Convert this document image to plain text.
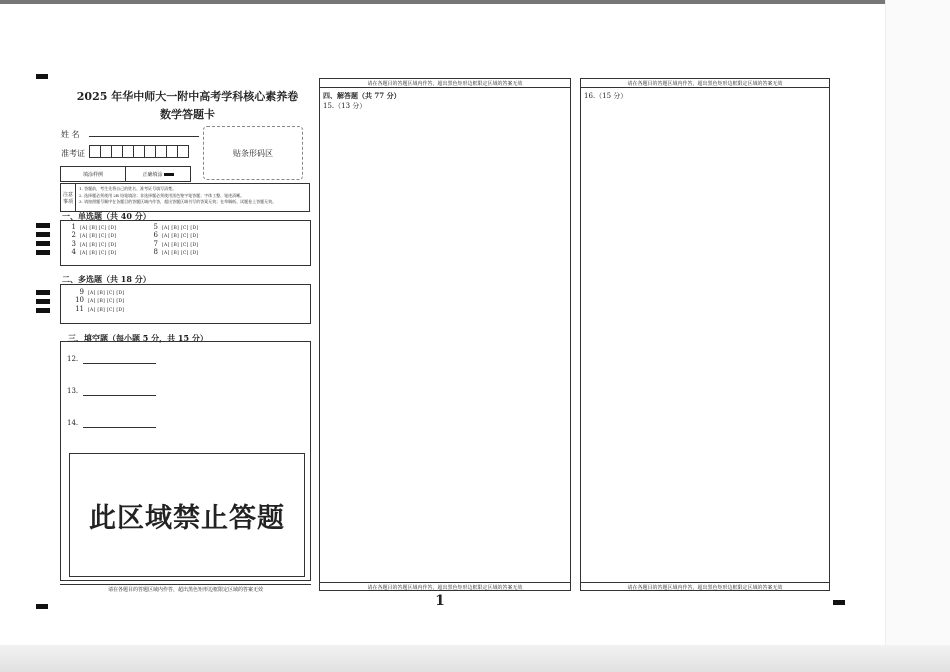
2025 年华中师大一附中高考学科核心素养卷
数学答题卡
姓 名
准考证	贴条形码区
填涂样例	正确填涂
注意事项
1. 答题前，考生先将自己的姓名、准考证号填写清楚。
2. 选择题必须使用 2B 铅笔填涂；非选择题必须使用黑色签字笔答题；字体工整、笔迹清晰。
3. 请按照题号顺序在各题目的答题区域内作答，超出答题区域书写的答案无效；在草稿纸、试题卷上答题无效。
一、单选题（共 40 分）
1 [A] [B] [C] [D]
2 [A] [B] [C] [D]
3 [A] [B] [C] [D]
4 [A] [B] [C] [D]
5 [A] [B] [C] [D]
6 [A] [B] [C] [D]
7 [A] [B] [C] [D]
8 [A] [B] [C] [D]
二、多选题（共 18 分）
9 [A] [B] [C] [D]
10 [A] [B] [C] [D]
11 [A] [B] [C] [D]
三、填空题（每小题 5 分，共 15 分）
12.
13.
14.
此区域禁止答题
请在各题目的答题区域内作答，超出黑色矩形边框限定区域的答案无效
请在各题目的答题区域内作答，超出黑色矩形边框限定区域的答案无效
四、解答题（共 77 分）
15.（13 分）
请在各题目的答题区域内作答，超出黑色矩形边框限定区域的答案无效
请在各题目的答题区域内作答，超出黑色矩形边框限定区域的答案无效
16.（15 分）
请在各题目的答题区域内作答，超出黑色矩形边框限定区域的答案无效
1
